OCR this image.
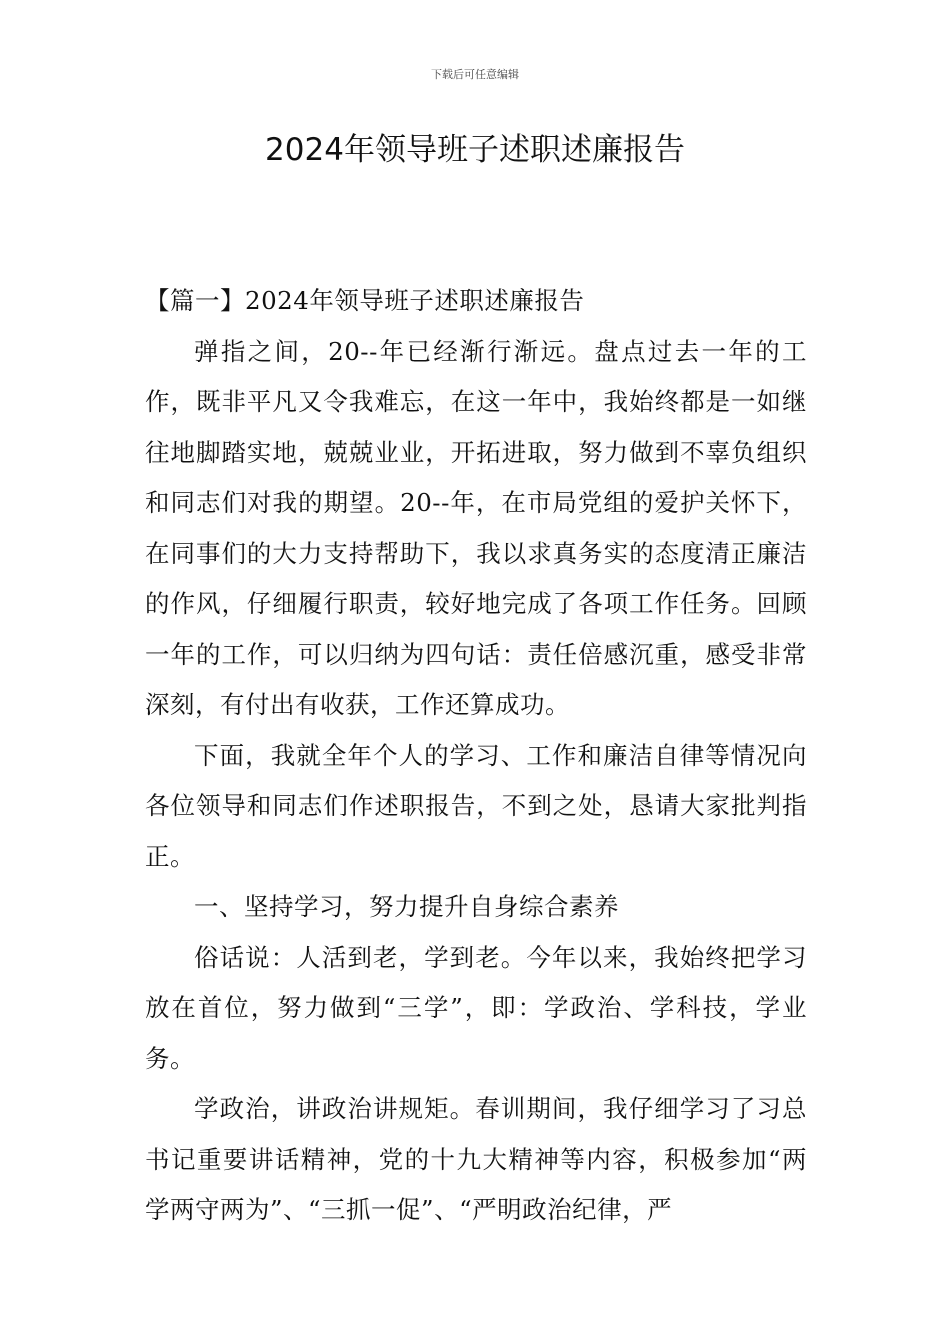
下载后可任意编辑
2024年领导班子述职述廉报告

【篇一】2024年领导班子述职述廉报告

弹指之间，20--年已经渐行渐远。盘点过去一年的工作，既非平凡又令我难忘，在这一年中，我始终都是一如继往地脚踏实地，兢兢业业，开拓进取，努力做到不辜负组织和同志们对我的期望。20--年，在市局党组的爱护关怀下，在同事们的大力支持帮助下，我以求真务实的态度清正廉洁的作风，仔细履行职责，较好地完成了各项工作任务。回顾一年的工作，可以归纳为四句话：责任倍感沉重，感受非常深刻，有付出有收获，工作还算成功。

下面，我就全年个人的学习、工作和廉洁自律等情况向各位领导和同志们作述职报告，不到之处，恳请大家批判指正。

一、坚持学习，努力提升自身综合素养

俗话说：人活到老，学到老。今年以来，我始终把学习放在首位，努力做到“三学”，即：学政治、学科技，学业务。

学政治，讲政治讲规矩。春训期间，我仔细学习了习总书记重要讲话精神，党的十九大精神等内容，积极参加“两学两守两为”、“三抓一促”、“严明政治纪律，严
